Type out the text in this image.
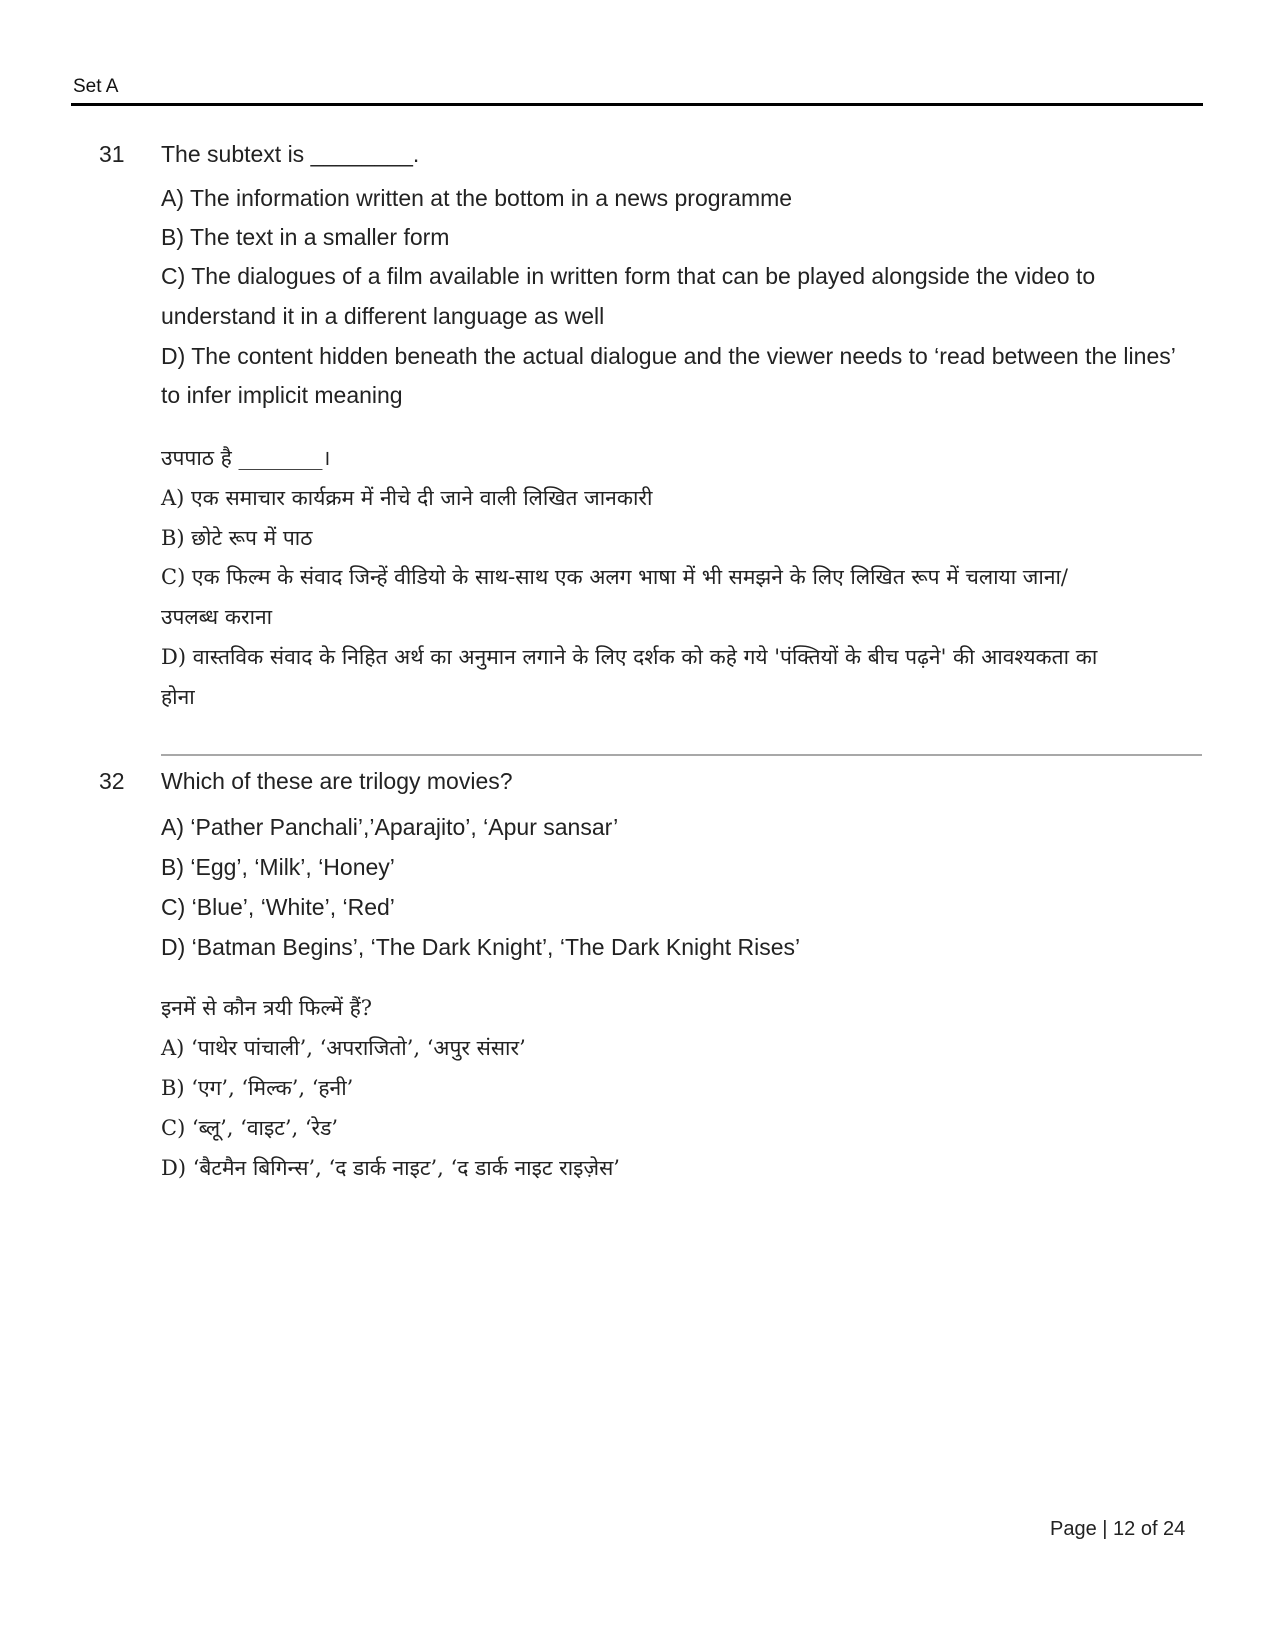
Set A
31 The subtext is ________.
A) The information written at the bottom in a news programme
B) The text in a smaller form
C) The dialogues of a film available in written form that can be played alongside the video to
understand it in a different language as well
D) The content hidden beneath the actual dialogue and the viewer needs to ‘read between the lines’
to infer implicit meaning
उपपाठ है ________।
A) एक समाचार कार्यक्रम में नीचे दी जाने वाली लिखित जानकारी
B) छोटे रूप में पाठ
C) एक फिल्म के संवाद जिन्हें वीडियो के साथ-साथ एक अलग भाषा में भी समझने के लिए लिखित रूप में चलाया जाना/
उपलब्ध कराना
D) वास्तविक संवाद के निहित अर्थ का अनुमान लगाने के लिए दर्शक को कहे गये 'पंक्तियों के बीच पढ़ने' की आवश्यकता का
होना
32 Which of these are trilogy movies?
A) ‘Pather Panchali’,’Aparajito’, ‘Apur sansar’
B) ‘Egg’, ‘Milk’, ‘Honey’
C) ‘Blue’, ‘White’, ‘Red’
D) ‘Batman Begins’, ‘The Dark Knight’, ‘The Dark Knight Rises’
इनमें से कौन त्रयी फिल्में हैं?
A) ‘पाथेर पांचाली’, ‘अपराजितो’, ‘अपुर संसार’
B) ‘एग’, ‘मिल्क’, ‘हनी’
C) ‘ब्लू’, ‘वाइट’, ‘रेड’
D) ‘बैटमैन बिगिन्स’, ‘द डार्क नाइट’, ‘द डार्क नाइट राइज़ेस’
Page | 12 of 24
